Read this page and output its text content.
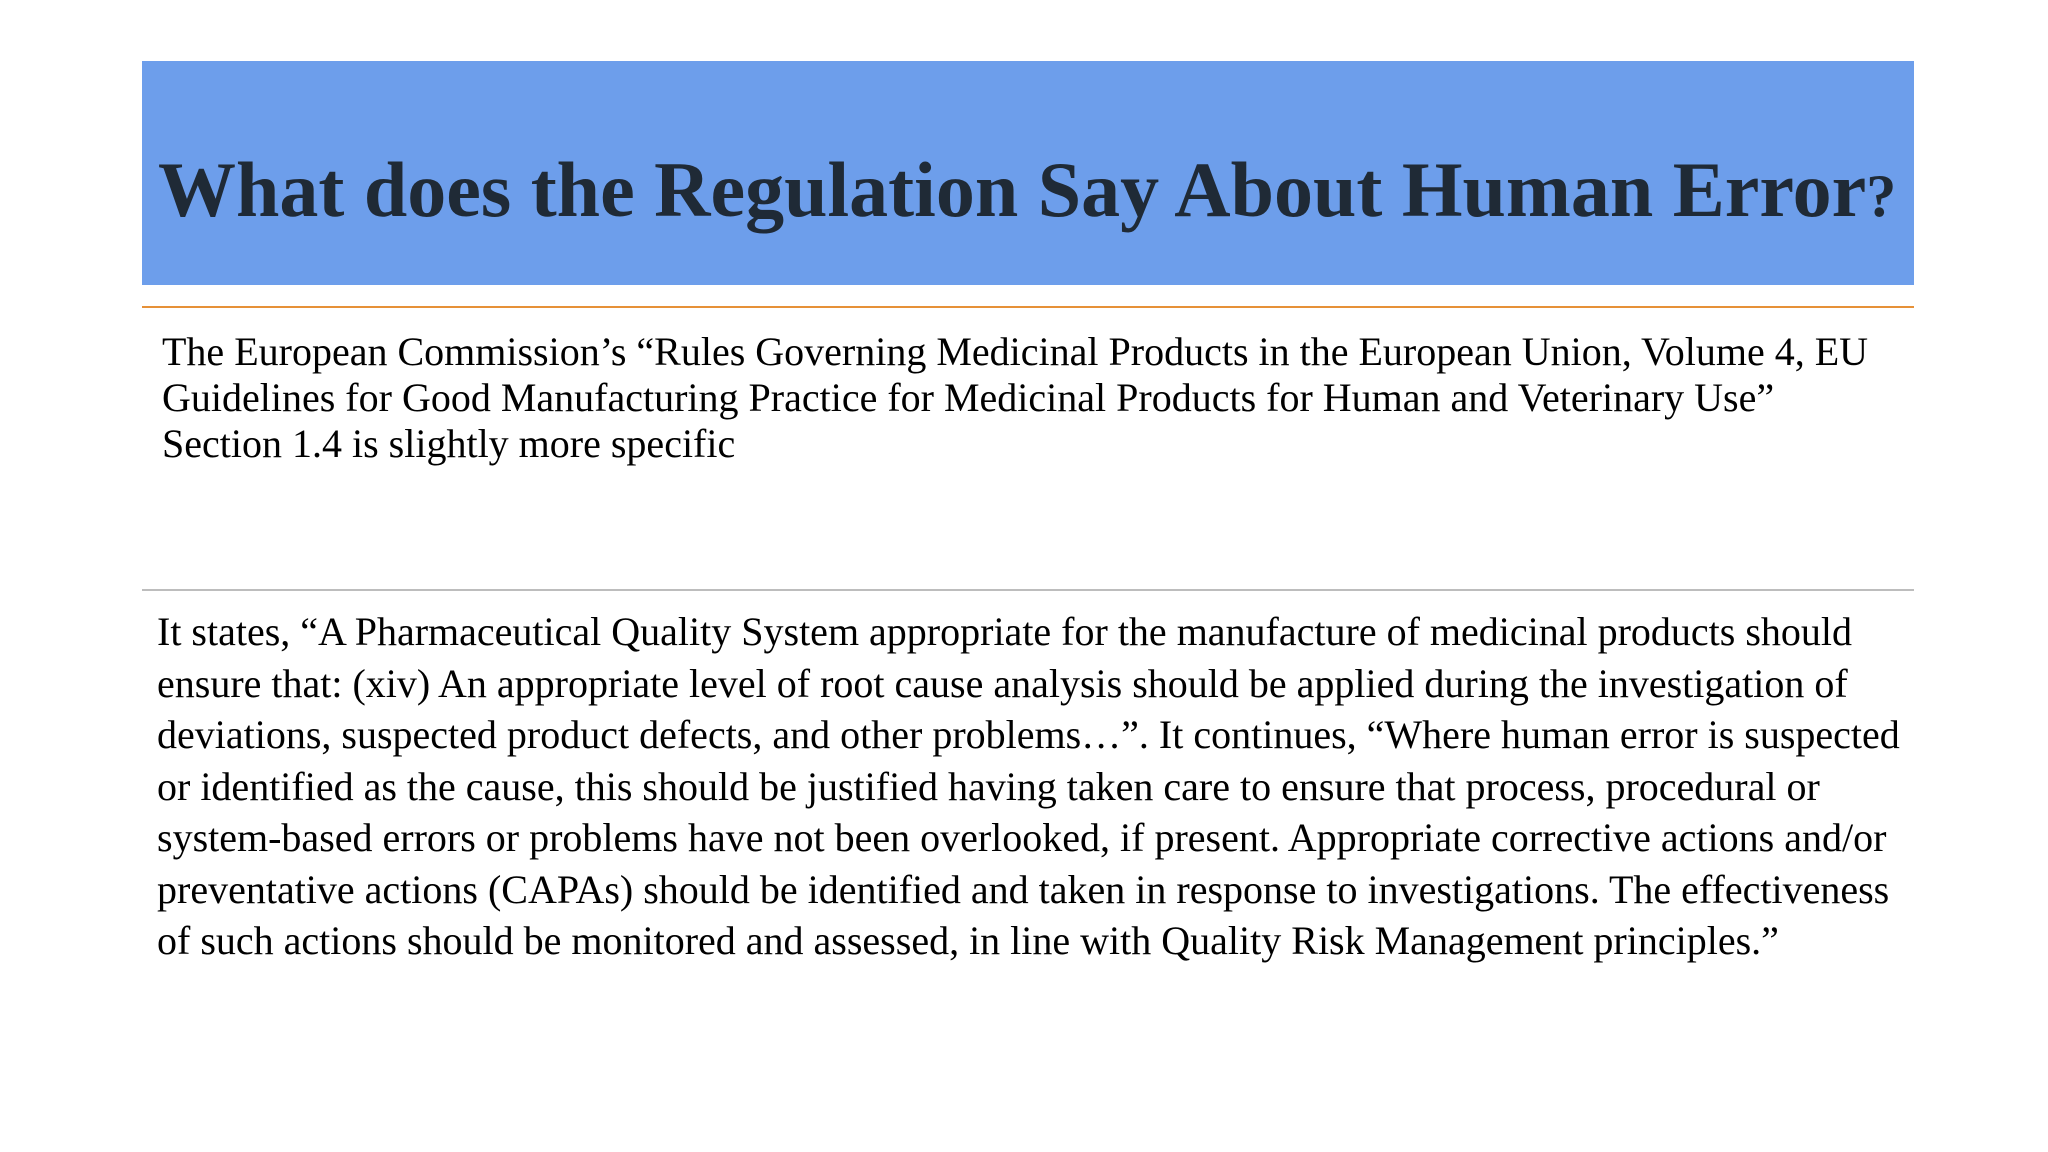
What does the Regulation Say About Human Error?

The European Commission’s “Rules Governing Medicinal Products in the European Union, Volume 4, EU Guidelines for Good Manufacturing Practice for Medicinal Products for Human and Veterinary Use” Section 1.4 is slightly more specific

It states, “A Pharmaceutical Quality System appropriate for the manufacture of medicinal products should ensure that: (xiv) An appropriate level of root cause analysis should be applied during the investigation of deviations, suspected product defects, and other problems…”. It continues, “Where human error is suspected or identified as the cause, this should be justified having taken care to ensure that process, procedural or system-based errors or problems have not been overlooked, if present. Appropriate corrective actions and/or preventative actions (CAPAs) should be identified and taken in response to investigations. The effectiveness of such actions should be monitored and assessed, in line with Quality Risk Management principles.”
